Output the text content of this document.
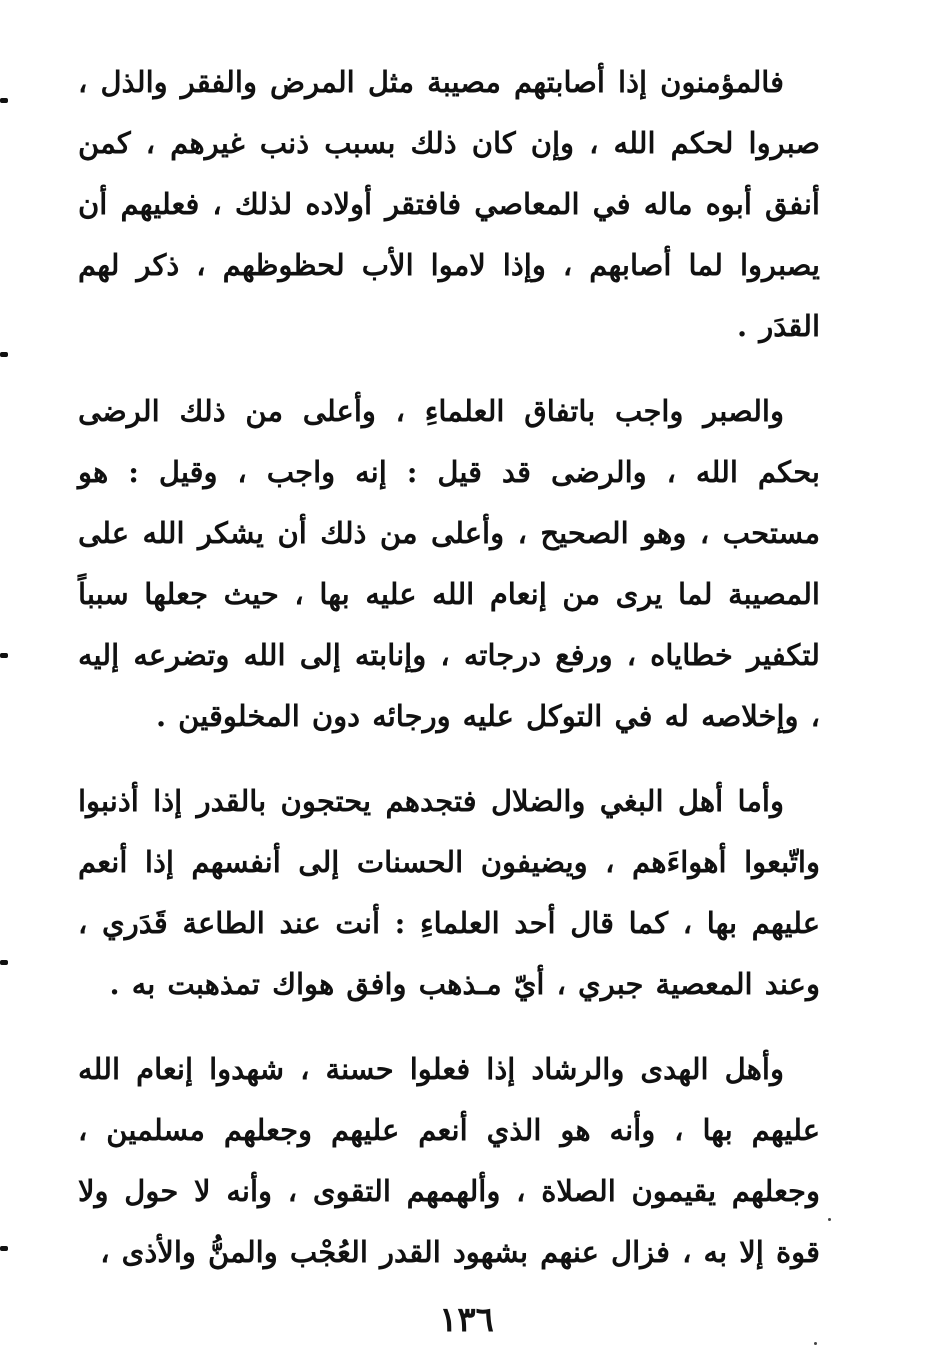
فالمؤمنون إذا أصابتهم مصيبة مثل المرض والفقر والذل ، صبروا لحكم الله ، وإن كان ذلك بسبب ذنب غيرهم ، كمن أنفق أبوه ماله في المعاصي فافتقر أولاده لذلك ، فعليهم أن يصبروا لما أصابهم ، وإذا لاموا الأب لحظوظهم ، ذكر لهم القدَر .

والصبر واجب باتفاق العلماءِ ، وأعلى من ذلك الرضى بحكم الله ، والرضى قد قيل : إنه واجب ، وقيل : هو مستحب ، وهو الصحيح ، وأعلى من ذلك أن يشكر الله على المصيبة لما يرى من إنعام الله عليه بها ، حيث جعلها سبباً لتكفير خطاياه ، ورفع درجاته ، وإنابته إلى الله وتضرعه إليه ، وإخلاصه له في التوكل عليه ورجائه دون المخلوقين .

وأما أهل البغي والضلال فتجدهم يحتجون بالقدر إذا أذنبوا واتّبعوا أهواءَهم ، ويضيفون الحسنات إلى أنفسهم إذا أنعم عليهم بها ، كما قال أحد العلماءِ : أنت عند الطاعة قَدَري ، وعند المعصية جبري ، أيّ مـذهب وافق هواك تمذهبت به .

وأهل الهدى والرشاد إذا فعلوا حسنة ، شهدوا إنعام الله عليهم بها ، وأنه هو الذي أنعم عليهم وجعلهم مسلمين ، وجعلهم يقيمون الصلاة ، وألهمهم التقوى ، وأنه لا حول ولا قوة إلا به ، فزال عنهم بشهود القدر العُجْب والمنُّ والأذى ،

١٣٦
